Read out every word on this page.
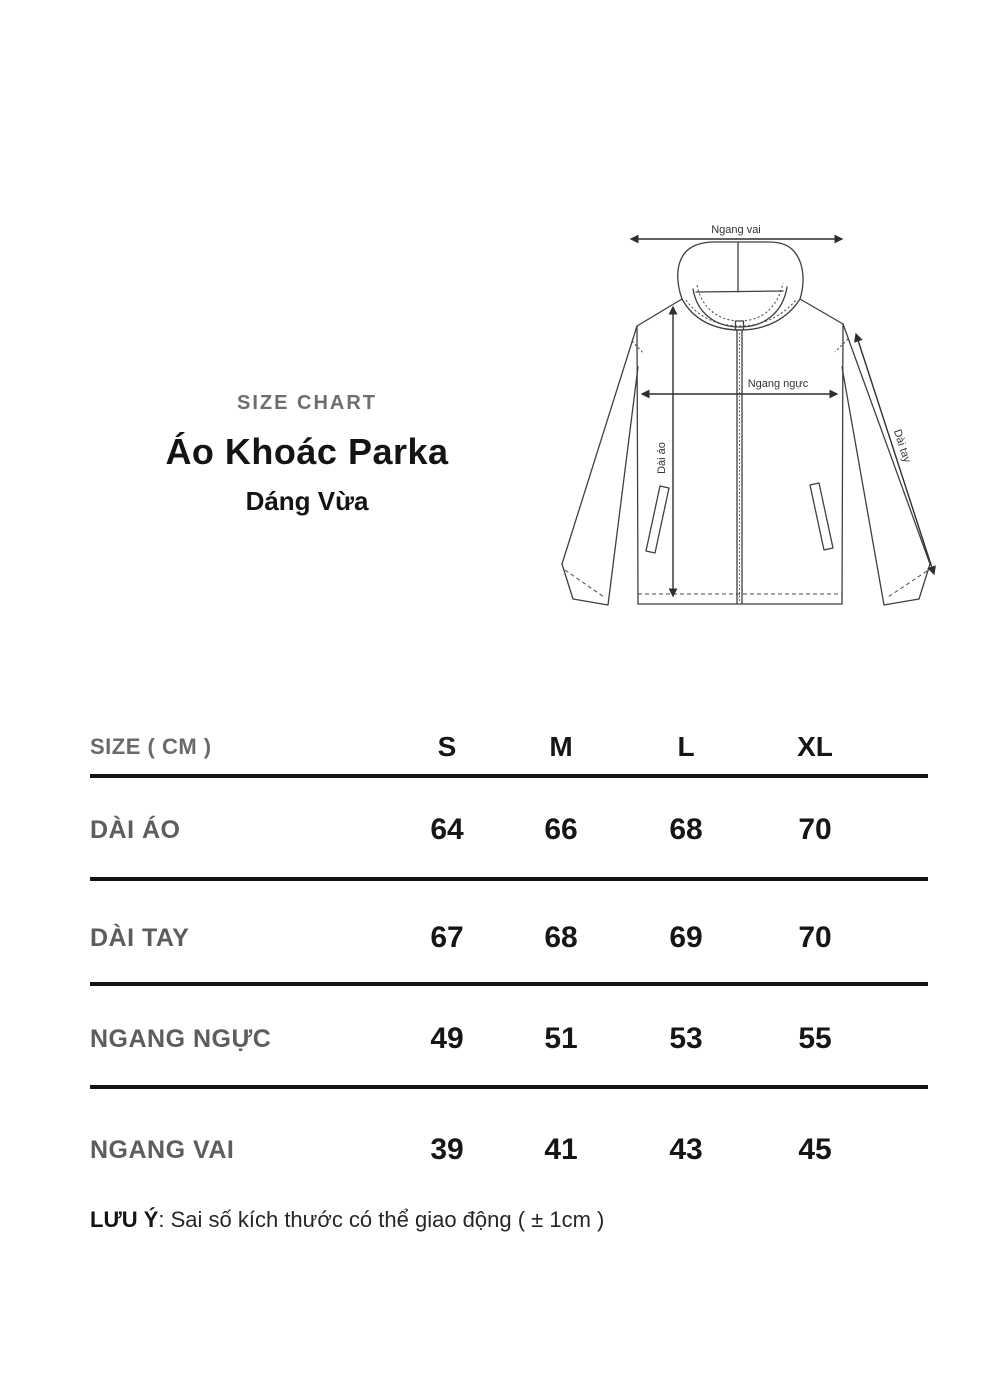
SIZE CHART
Áo Khoác Parka
Dáng Vừa
Ngang vai
Ngang ngực
Dài áo	Dài tay
SIZE ( CM )	S	M	L	XL
DÀI ÁO	64	66	68	70
DÀI TAY	67	68	69	70
NGANG NGỰC	49	51	53	55
NGANG VAI	39	41	43	45
LƯU Ý: Sai số kích thước có thể giao động ( ± 1cm )
